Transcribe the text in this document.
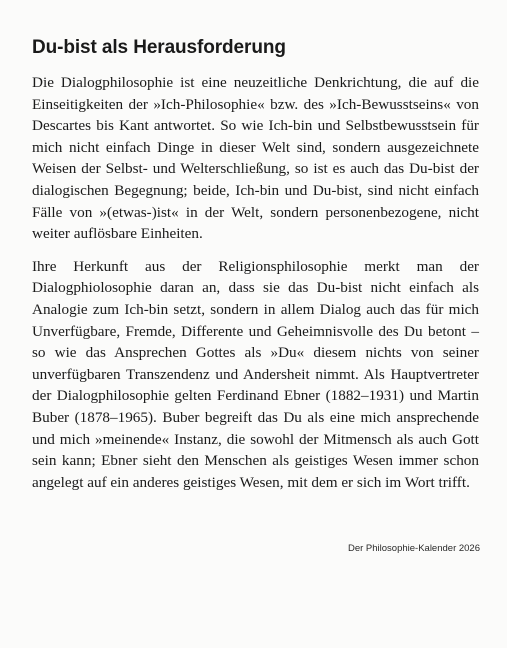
Du-bist als Herausforderung

Die Dialogphilosophie ist eine neuzeitliche Denkrichtung, die auf die Einseitigkeiten der »Ich-Philosophie« bzw. des »Ich-Bewusstseins« von Descartes bis Kant antwortet. So wie Ich-bin und Selbstbewusstsein für mich nicht einfach Dinge in dieser Welt sind, sondern ausgezeichnete Weisen der Selbst- und Welterschließung, so ist es auch das Du-bist der dialogischen Begegnung; beide, Ich-bin und Du-bist, sind nicht einfach Fälle von »(etwas-)ist« in der Welt, sondern personenbezogene, nicht weiter auflösbare Einheiten.

Ihre Herkunft aus der Religionsphilosophie merkt man der Dialogphiolosophie daran an, dass sie das Du-bist nicht einfach als Analogie zum Ich-bin setzt, sondern in allem Dialog auch das für mich Unverfügbare, Fremde, Differente und Geheimnisvolle des Du betont – so wie das Ansprechen Gottes als »Du« diesem nichts von seiner unverfügbaren Transzendenz und Andersheit nimmt. Als Hauptvertreter der Dialogphilosophie gelten Ferdinand Ebner (1882–1931) und Martin Buber (1878–1965). Buber begreift das Du als eine mich ansprechende und mich »meinende« Instanz, die sowohl der Mitmensch als auch Gott sein kann; Ebner sieht den Menschen als geistiges Wesen immer schon angelegt auf ein anderes geistiges Wesen, mit dem er sich im Wort trifft.

Der Philosophie-Kalender 2026
